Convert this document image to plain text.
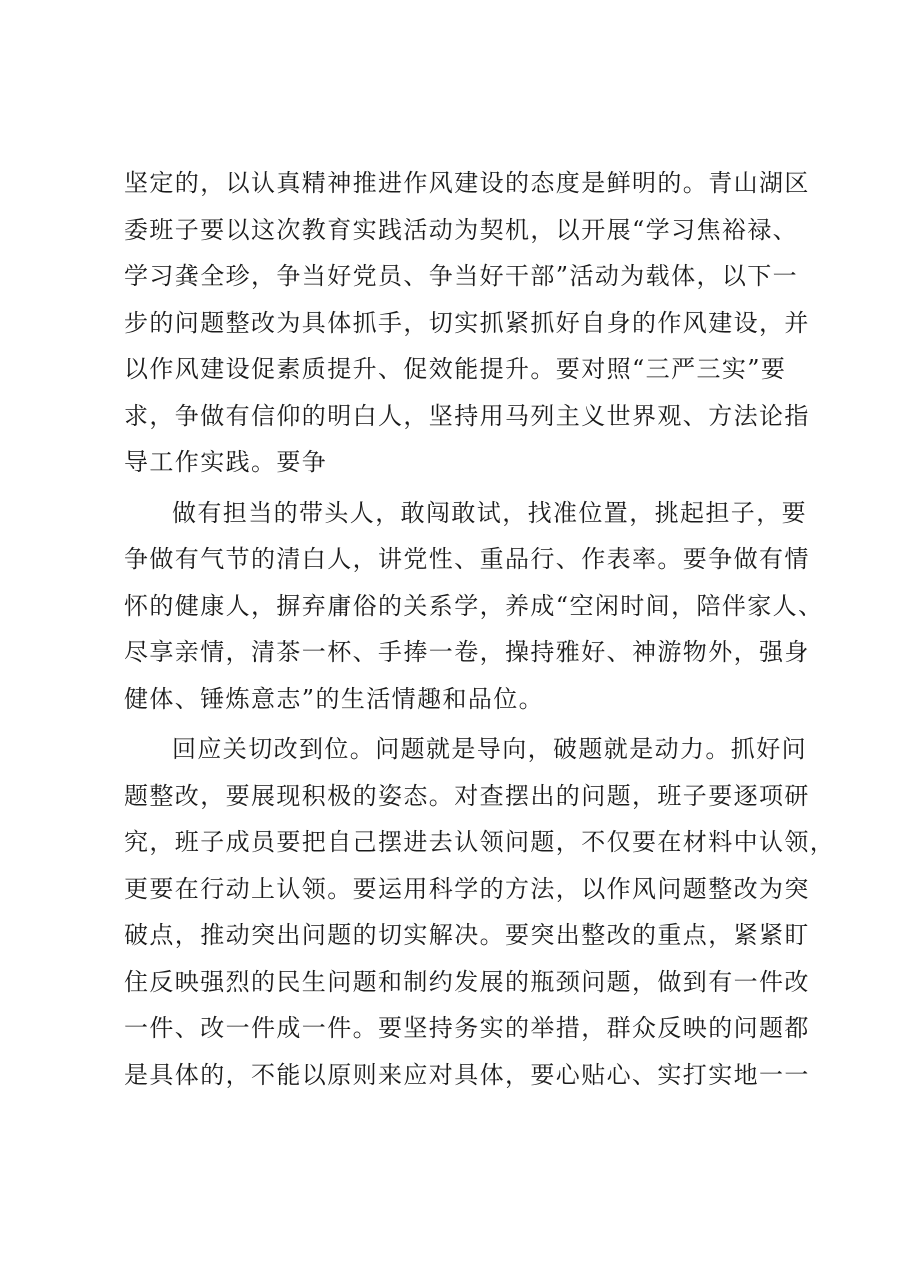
坚定的，以认真精神推进作风建设的态度是鲜明的。青山湖区
委班子要以这次教育实践活动为契机，以开展“学习焦裕禄、
学习龚全珍，争当好党员、争当好干部”活动为载体，以下一
步的问题整改为具体抓手，切实抓紧抓好自身的作风建设，并
以作风建设促素质提升、促效能提升。要对照“三严三实”要
求，争做有信仰的明白人，坚持用马列主义世界观、方法论指
导工作实践。要争
做有担当的带头人，敢闯敢试，找准位置，挑起担子，要
争做有气节的清白人，讲党性、重品行、作表率。要争做有情
怀的健康人，摒弃庸俗的关系学，养成“空闲时间，陪伴家人、
尽享亲情，清茶一杯、手捧一卷，操持雅好、神游物外，强身
健体、锤炼意志”的生活情趣和品位。
回应关切改到位。问题就是导向，破题就是动力。抓好问
题整改，要展现积极的姿态。对查摆出的问题，班子要逐项研
究，班子成员要把自己摆进去认领问题，不仅要在材料中认领，
更要在行动上认领。要运用科学的方法，以作风问题整改为突
破点，推动突出问题的切实解决。要突出整改的重点，紧紧盯
住反映强烈的民生问题和制约发展的瓶颈问题，做到有一件改
一件、改一件成一件。要坚持务实的举措，群众反映的问题都
是具体的，不能以原则来应对具体，要心贴心、实打实地一一
